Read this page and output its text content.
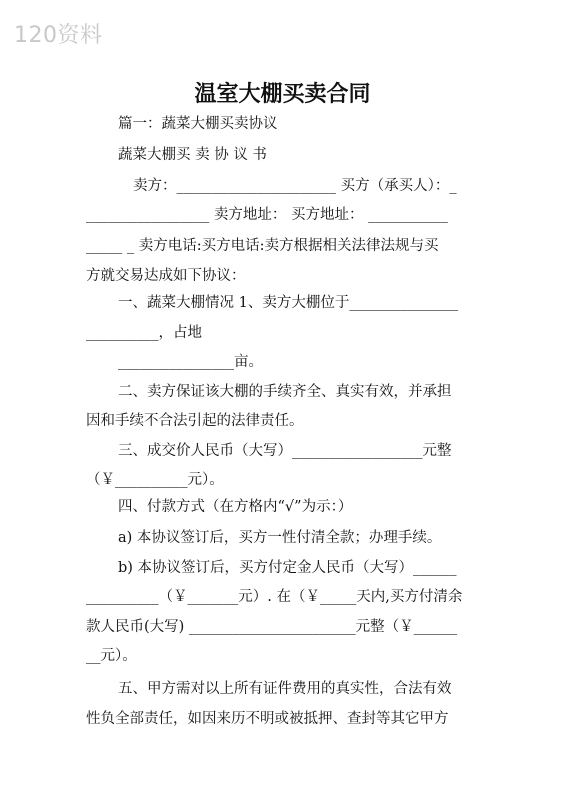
120资料
温室大棚买卖合同
篇一：蔬菜大棚买卖协议
蔬菜大棚买 卖 协 议 书
卖方：______________________ 买方（承买人）：_
_________________ 卖方地址： 买方地址： ___________
_____ _ 卖方电话:买方电话:卖方根据相关法律法规与买
方就交易达成如下协议：
一、蔬菜大棚情况 1、卖方大棚位于_______________
__________，占地
________________亩。
二、卖方保证该大棚的手续齐全、真实有效，并承担
因和手续不合法引起的法律责任。
三、成交价人民币（大写）__________________元整
（￥__________元）。
四、付款方式（在方格内“√”为示：）
a) 本协议签订后，买方一性付清全款；办理手续。
b) 本协议签订后，买方付定金人民币（大写）______
__________（￥_______元）. 在（￥_____天内,买方付清余
款人民币(大写) _______________________元整（￥______
__元）。
五、甲方需对以上所有证件费用的真实性，合法有效
性负全部责任，如因来历不明或被抵押、查封等其它甲方
